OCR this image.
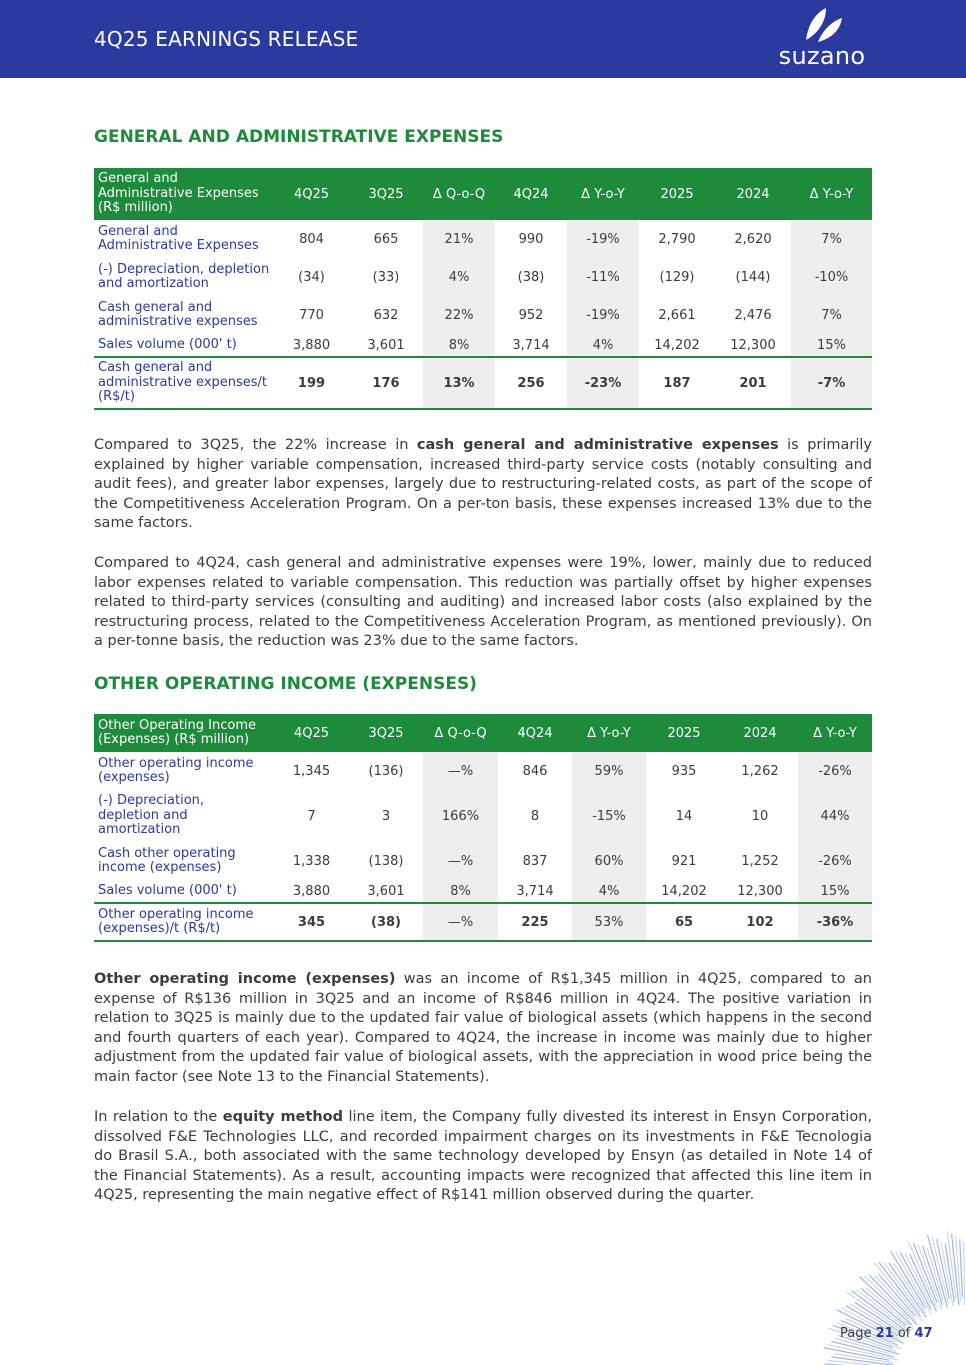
4Q25 EARNINGS RELEASE
suzano
GENERAL AND ADMINISTRATIVE EXPENSES
General and Administrative Expenses (R$ million)	4Q25	3Q25	Δ Q-o-Q	4Q24	Δ Y-o-Y	2025	2024	Δ Y-o-Y
General and Administrative Expenses	804	665	21%	990	-19%	2,790	2,620	7%
(-) Depreciation, depletion and amortization	(34)	(33)	4%	(38)	-11%	(129)	(144)	-10%
Cash general and administrative expenses	770	632	22%	952	-19%	2,661	2,476	7%
Sales volume (000' t)	3,880	3,601	8%	3,714	4%	14,202	12,300	15%
Cash general and administrative expenses/t (R$/t)	199	176	13%	256	-23%	187	201	-7%

Compared to 3Q25, the 22% increase in cash general and administrative expenses is primarily explained by higher variable compensation, increased third-party service costs (notably consulting and audit fees), and greater labor expenses, largely due to restructuring-related costs, as part of the scope of the Competitiveness Acceleration Program. On a per-ton basis, these expenses increased 13% due to the same factors.

Compared to 4Q24, cash general and administrative expenses were 19%, lower, mainly due to reduced labor expenses related to variable compensation. This reduction was partially offset by higher expenses related to third-party services (consulting and auditing) and increased labor costs (also explained by the restructuring process, related to the Competitiveness Acceleration Program, as mentioned previously). On a per-tonne basis, the reduction was 23% due to the same factors.

OTHER OPERATING INCOME (EXPENSES)
Other Operating Income (Expenses) (R$ million)	4Q25	3Q25	Δ Q-o-Q	4Q24	Δ Y-o-Y	2025	2024	Δ Y-o-Y
Other operating income (expenses)	1,345	(136)	—%	846	59%	935	1,262	-26%
(-) Depreciation, depletion and amortization	7	3	166%	8	-15%	14	10	44%
Cash other operating income (expenses)	1,338	(138)	—%	837	60%	921	1,252	-26%
Sales volume (000' t)	3,880	3,601	8%	3,714	4%	14,202	12,300	15%
Other operating income (expenses)/t (R$/t)	345	(38)	—%	225	53%	65	102	-36%

Other operating income (expenses) was an income of R$1,345 million in 4Q25, compared to an expense of R$136 million in 3Q25 and an income of R$846 million in 4Q24. The positive variation in relation to 3Q25 is mainly due to the updated fair value of biological assets (which happens in the second and fourth quarters of each year). Compared to 4Q24, the increase in income was mainly due to higher adjustment from the updated fair value of biological assets, with the appreciation in wood price being the main factor (see Note 13 to the Financial Statements).

In relation to the equity method line item, the Company fully divested its interest in Ensyn Corporation, dissolved F&E Technologies LLC, and recorded impairment charges on its investments in F&E Tecnologia do Brasil S.A., both associated with the same technology developed by Ensyn (as detailed in Note 14 of the Financial Statements). As a result, accounting impacts were recognized that affected this line item in 4Q25, representing the main negative effect of R$141 million observed during the quarter.

Page 21 of 47
